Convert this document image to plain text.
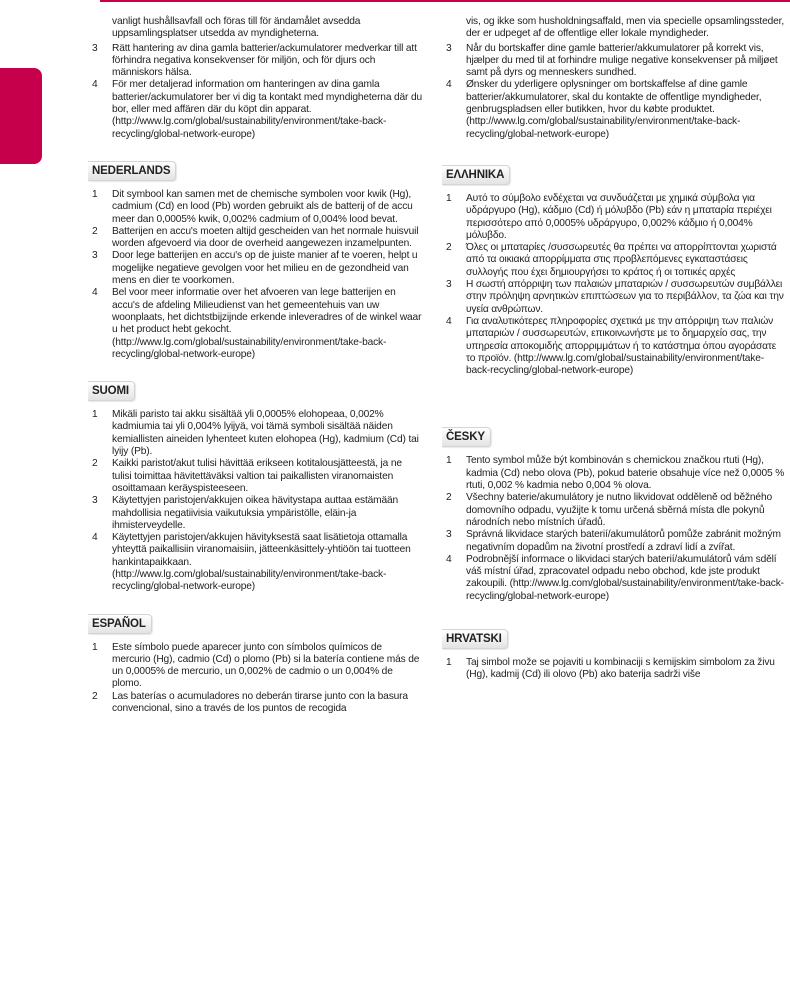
vanligt hushållsavfall och föras till för ändamålet avsedda uppsamlingsplatser utsedda av myndigheterna.
3 Rätt hantering av dina gamla batterier/ackumulatorer medverkar till att förhindra negativa konsekvenser för miljön, och för djurs och människors hälsa.
4 För mer detaljerad information om hanteringen av dina gamla batterier/ackumulatorer ber vi dig ta kontakt med myndigheterna där du bor, eller med affären där du köpt din apparat. (http://www.lg.com/global/sustainability/environment/take-back-recycling/global-network-europe)
NEDERLANDS
1 Dit symbool kan samen met de chemische symbolen voor kwik (Hg), cadmium (Cd) en lood (Pb) worden gebruikt als de batterij of de accu meer dan 0,0005% kwik, 0,002% cadmium of 0,004% lood bevat.
2 Batterijen en accu's moeten altijd gescheiden van het normale huisvuil worden afgevoerd via door de overheid aangewezen inzamelpunten.
3 Door lege batterijen en accu's op de juiste manier af te voeren, helpt u mogelijke negatieve gevolgen voor het milieu en de gezondheid van mens en dier te voorkomen.
4 Bel voor meer informatie over het afvoeren van lege batterijen en accu's de afdeling Milieudienst van het gemeentehuis van uw woonplaats, het dichtstbijzijnde erkende inleveradres of de winkel waar u het product hebt gekocht. (http://www.lg.com/global/sustainability/environment/take-back-recycling/global-network-europe)
SUOMI
1 Mikäli paristo tai akku sisältää yli 0,0005% elohopeaa, 0,002% kadmiumia tai yli 0,004% lyijyä, voi tämä symboli sisältää näiden kemiallisten aineiden lyhenteet kuten elohopea (Hg), kadmium (Cd) tai lyijy (Pb).
2 Kaikki paristot/akut tulisi hävittää erikseen kotitalousjätteestä, ja ne tulisi toimittaa hävitettäväksi valtion tai paikallisten viranomaisten osoittamaan keräyspisteeseen.
3 Käytettyjen paristojen/akkujen oikea hävitystapa auttaa estämään mahdollisia negatiivisia vaikutuksia ympäristölle, eläin-ja ihmisterveydelle.
4 Käytettyjen paristojen/akkujen hävityksestä saat lisätietoja ottamalla yhteyttä paikallisiin viranomaisiin, jätteenkäsittely-yhtiöön tai tuotteen hankintapaikkaan. (http://www.lg.com/global/sustainability/environment/take-back-recycling/global-network-europe)
ESPAÑOL
1 Este símbolo puede aparecer junto con símbolos químicos de mercurio (Hg), cadmio (Cd) o plomo (Pb) si la batería contiene más de un 0,0005% de mercurio, un 0,002% de cadmio o un 0,004% de plomo.
2 Las baterías o acumuladores no deberán tirarse junto con la basura convencional, sino a través de los puntos de recogida
vis, og ikke som husholdningsaffald, men via specielle opsamlingssteder, der er udpeget af de offentlige eller lokale myndigheder.
3 Når du bortskaffer dine gamle batterier/akkumulatorer på korrekt vis, hjælper du med til at forhindre mulige negative konsekvenser på miljøet samt på dyrs og menneskers sundhed.
4 Ønsker du yderligere oplysninger om bortskaffelse af dine gamle batterier/akkumulatorer, skal du kontakte de offentlige myndigheder, genbrugspladsen eller butikken, hvor du købte produktet. (http://www.lg.com/global/sustainability/environment/take-back-recycling/global-network-europe)
ΕΛΛΗΝΙΚΑ
1 Αυτό το σύμβολο ενδέχεται να συνδυάζεται με χημικά σύμβολα για υδράργυρο (Hg), κάδμιο (Cd) ή μόλυβδο (Pb) εάν η μπαταρία περιέχει περισσότερο από 0,0005% υδράργυρο, 0,002% κάδμιο ή 0,004% μόλυβδο.
2 Όλες οι μπαταρίες /συσσωρευτές θα πρέπει να απορρίπτονται χωριστά από τα οικιακά απορρίμματα στις προβλεπόμενες εγκαταστάσεις συλλογής που έχει δημιουργήσει το κράτος ή οι τοπικές αρχές
3 Η σωστή απόρριψη των παλαιών μπαταριών / συσσωρευτών συμβάλλει στην πρόληψη αρνητικών επιπτώσεων για το περιβάλλον, τα ζώα και την υγεία ανθρώπων.
4 Για αναλυτικότερες πληροφορίες σχετικά με την απόρριψη των παλιών μπαταριών / συσσωρευτών, επικοινωνήστε με το δημαρχείο σας, την υπηρεσία αποκομιδής απορριμμάτων ή το κατάστημα όπου αγοράσατε το προϊόν. (http://www.lg.com/global/sustainability/environment/take-back-recycling/global-network-europe)
ČESKY
1 Tento symbol může být kombinován s chemickou značkou rtuti (Hg), kadmia (Cd) nebo olova (Pb), pokud baterie obsahuje více než 0,0005 % rtuti, 0,002 % kadmia nebo 0,004 % olova.
2 Všechny baterie/akumulátory je nutno likvidovat odděleně od běžného domovního odpadu, využijte k tomu určená sběrná místa dle pokynů národních nebo místních úřadů.
3 Správná likvidace starých baterií/akumulátorů pomůže zabránit možným negativním dopadům na životní prostředí a zdraví lidí a zvířat.
4 Podrobnější informace o likvidaci starých baterií/akumulátorů vám sdělí váš místní úřad, zpracovatel odpadu nebo obchod, kde jste produkt zakoupili. (http://www.lg.com/global/sustainability/environment/take-back-recycling/global-network-europe)
HRVATSKI
1 Taj simbol može se pojaviti u kombinaciji s kemijskim simbolom za živu (Hg), kadmij (Cd) ili olovo (Pb) ako baterija sadrži više
